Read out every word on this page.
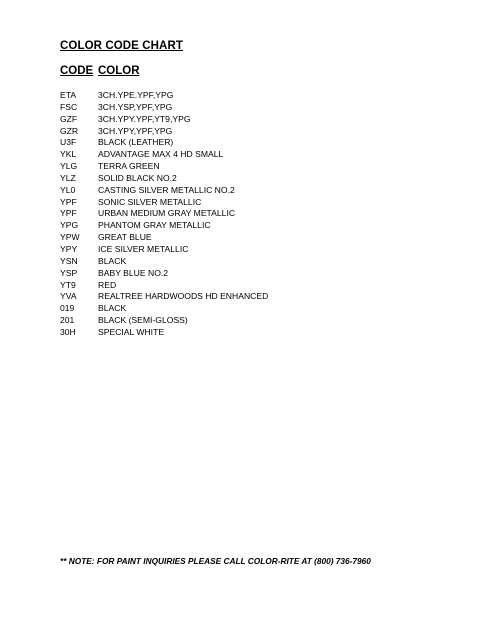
COLOR CODE CHART
CODE COLOR
ETA	3CH.YPE.YPF,YPG
FSC 3CH.YSP,YPF,YPG
GZF 3CH.YPY.YPF,YT9,YPG
GZR 3CH.YPY,YPF,YPG
U3F	BLACK (LEATHER)
YKL	ADVANTAGE MAX 4 HD SMALL
YLG TERRA GREEN
YLZ	SOLID BLACK NO.2
YL0	CASTING SILVER METALLIC NO.2
YPF SONIC SILVER METALLIC
YPF URBAN MEDIUM GRAY METALLIC
YPG PHANTOM GRAY METALLIC
YPW GREAT BLUE
YPY ICE SILVER METALLIC
YSN BLACK
YSP BABY BLUE NO.2
YT9	RED
YVA REALTREE HARDWOODS HD ENHANCED
019	BLACK
201	BLACK (SEMI-GLOSS)
30H	SPECIAL WHITE
** NOTE: FOR PAINT INQUIRIES PLEASE CALL COLOR-RITE AT (800) 736-7960
